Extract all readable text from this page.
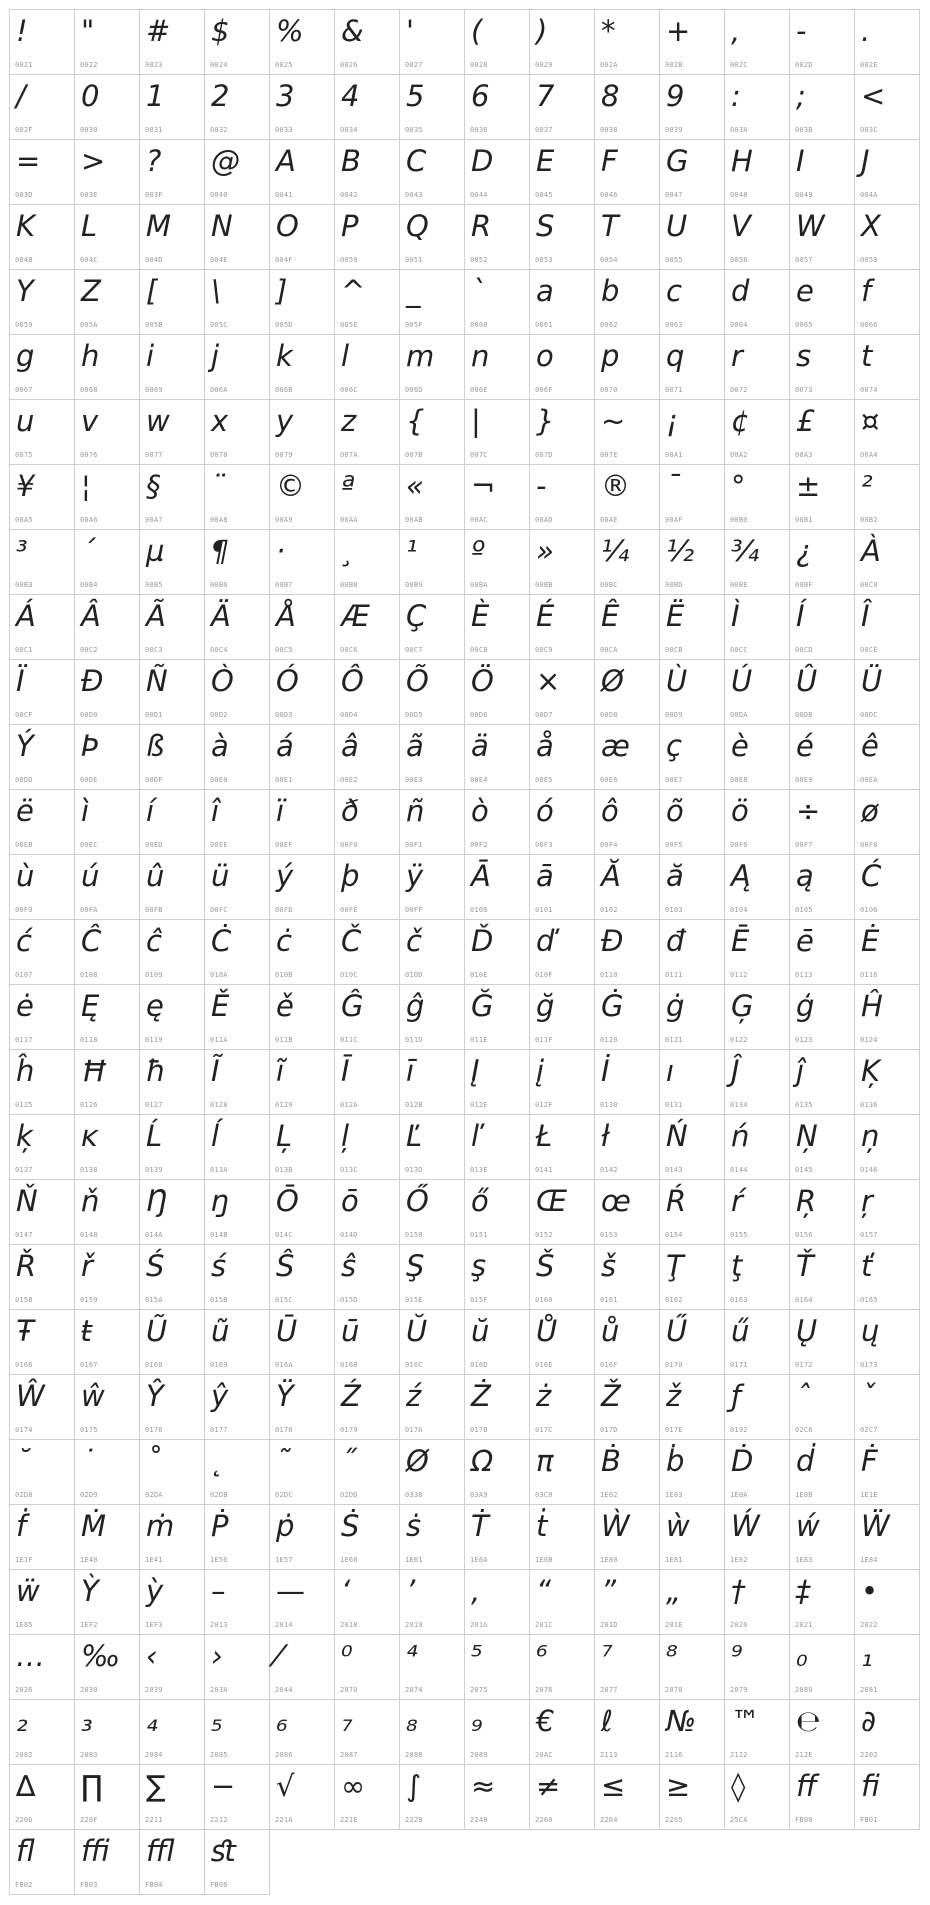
!
0021
"
0022
#
0023
$
0024
%
0025
&
0026
'
0027
(
0028
)
0029
*
002A
+
002B
,
002C
-
002D
.
002E
/
002F
0
0030
1
0031
2
0032
3
0033
4
0034
5
0035
6
0036
7
0037
8
0038
9
0039
:
003A
;
003B
<
003C
=
003D
>
003E
?
003F
@
0040
A
0041
B
0042
C
0043
D
0044
E
0045
F
0046
G
0047
H
0048
I
0049
J
004A
K
004B
L
004C
M
004D
N
004E
O
004F
P
0050
Q
0051
R
0052
S
0053
T
0054
U
0055
V
0056
W
0057
X
0058
Y
0059
Z
005A
[
005B
\
005C
]
005D
^
005E
_
005F
`
0060
a
0061
b
0062
c
0063
d
0064
e
0065
f
0066
g
0067
h
0068
i
0069
j
006A
k
006B
l
006C
m
006D
n
006E
o
006F
p
0070
q
0071
r
0072
s
0073
t
0074
u
0075
v
0076
w
0077
x
0078
y
0079
z
007A
{
007B
|
007C
}
007D
~
007E
¡
00A1
¢
00A2
£
00A3
¤
00A4
¥
00A5
¦
00A6
§
00A7
¨
00A8
©
00A9
ª
00AA
«
00AB
¬
00AC
-
00AD
®
00AE
¯
00AF
°
00B0
±
00B1
²
00B2
³
00B3
´
00B4
µ
00B5
¶
00B6
·
00B7
¸
00B8
¹
00B9
º
00BA
»
00BB
¼
00BC
½
00BD
¾
00BE
¿
00BF
À
00C0
Á
00C1
Â
00C2
Ã
00C3
Ä
00C4
Å
00C5
Æ
00C6
Ç
00C7
È
00C8
É
00C9
Ê
00CA
Ë
00CB
Ì
00CC
Í
00CD
Î
00CE
Ï
00CF
Ð
00D0
Ñ
00D1
Ò
00D2
Ó
00D3
Ô
00D4
Õ
00D5
Ö
00D6
×
00D7
Ø
00D8
Ù
00D9
Ú
00DA
Û
00DB
Ü
00DC
Ý
00DD
Þ
00DE
ß
00DF
à
00E0
á
00E1
â
00E2
ã
00E3
ä
00E4
å
00E5
æ
00E6
ç
00E7
è
00E8
é
00E9
ê
00EA
ë
00EB
ì
00EC
í
00ED
î
00EE
ï
00EF
ð
00F0
ñ
00F1
ò
00F2
ó
00F3
ô
00F4
õ
00F5
ö
00F6
÷
00F7
ø
00F8
ù
00F9
ú
00FA
û
00FB
ü
00FC
ý
00FD
þ
00FE
ÿ
00FF
Ā
0100
ā
0101
Ă
0102
ă
0103
Ą
0104
ą
0105
Ć
0106
ć
0107
Ĉ
0108
ĉ
0109
Ċ
010A
ċ
010B
Č
010C
č
010D
Ď
010E
ď
010F
Đ
0110
đ
0111
Ē
0112
ē
0113
Ė
0116
ė
0117
Ę
0118
ę
0119
Ě
011A
ě
011B
Ĝ
011C
ĝ
011D
Ğ
011E
ğ
011F
Ġ
0120
ġ
0121
Ģ
0122
ģ
0123
Ĥ
0124
ĥ
0125
Ħ
0126
ħ
0127
Ĩ
0128
ĩ
0129
Ī
012A
ī
012B
Į
012E
į
012F
İ
0130
ı
0131
Ĵ
0134
ĵ
0135
Ķ
0136
ķ
0137
ĸ
0138
Ĺ
0139
ĺ
013A
Ļ
013B
ļ
013C
Ľ
013D
ľ
013E
Ł
0141
ł
0142
Ń
0143
ń
0144
Ņ
0145
ņ
0146
Ň
0147
ň
0148
Ŋ
014A
ŋ
014B
Ō
014C
ō
014D
Ő
0150
ő
0151
Œ
0152
œ
0153
Ŕ
0154
ŕ
0155
Ŗ
0156
ŗ
0157
Ř
0158
ř
0159
Ś
015A
ś
015B
Ŝ
015C
ŝ
015D
Ş
015E
ş
015F
Š
0160
š
0161
Ţ
0162
ţ
0163
Ť
0164
ť
0165
Ŧ
0166
ŧ
0167
Ũ
0168
ũ
0169
Ū
016A
ū
016B
Ŭ
016C
ŭ
016D
Ů
016E
ů
016F
Ű
0170
ű
0171
Ų
0172
ų
0173
Ŵ
0174
ŵ
0175
Ŷ
0176
ŷ
0177
Ÿ
0178
Ź
0179
ź
017A
Ż
017B
ż
017C
Ž
017D
ž
017E
ƒ
0192
ˆ
02C6
ˇ
02C7
˘
02D8
˙
02D9
˚
02DA
˛
02DB
˜
02DC
˝
02DD
Ø
0338
Ω
03A9
π
03C0
Ḃ
1E02
ḃ
1E03
Ḋ
1E0A
ḋ
1E0B
Ḟ
1E1E
ḟ
1E1F
Ṁ
1E40
ṁ
1E41
Ṗ
1E56
ṗ
1E57
Ṡ
1E60
ṡ
1E61
Ṫ
1E6A
ṫ
1E6B
Ẁ
1E80
ẁ
1E81
Ẃ
1E82
ẃ
1E83
Ẅ
1E84
ẅ
1E85
Ỳ
1EF2
ỳ
1EF3
–
2013
—
2014
‘
2018
’
2019
‚
201A
“
201C
”
201D
„
201E
†
2020
‡
2021
•
2022
…
2026
‰
2030
‹
2039
›
203A
⁄
2044
⁰
2070
⁴
2074
⁵
2075
⁶
2076
⁷
2077
⁸
2078
⁹
2079
₀
2080
₁
2081
₂
2082
₃
2083
₄
2084
₅
2085
₆
2086
₇
2087
₈
2088
₉
2089
€
20AC
ℓ
2113
№
2116
™
2122
℮
212E
∂
2202
∆
2206
∏
220F
∑
2211
−
2212
√
221A
∞
221E
∫
222B
≈
2248
≠
2260
≤
2264
≥
2265
◊
25CA
ﬀ
FB00
ﬁ
FB01
ﬂ
FB02
ﬃ
FB03
ﬄ
FB04
ﬆ
FB06
